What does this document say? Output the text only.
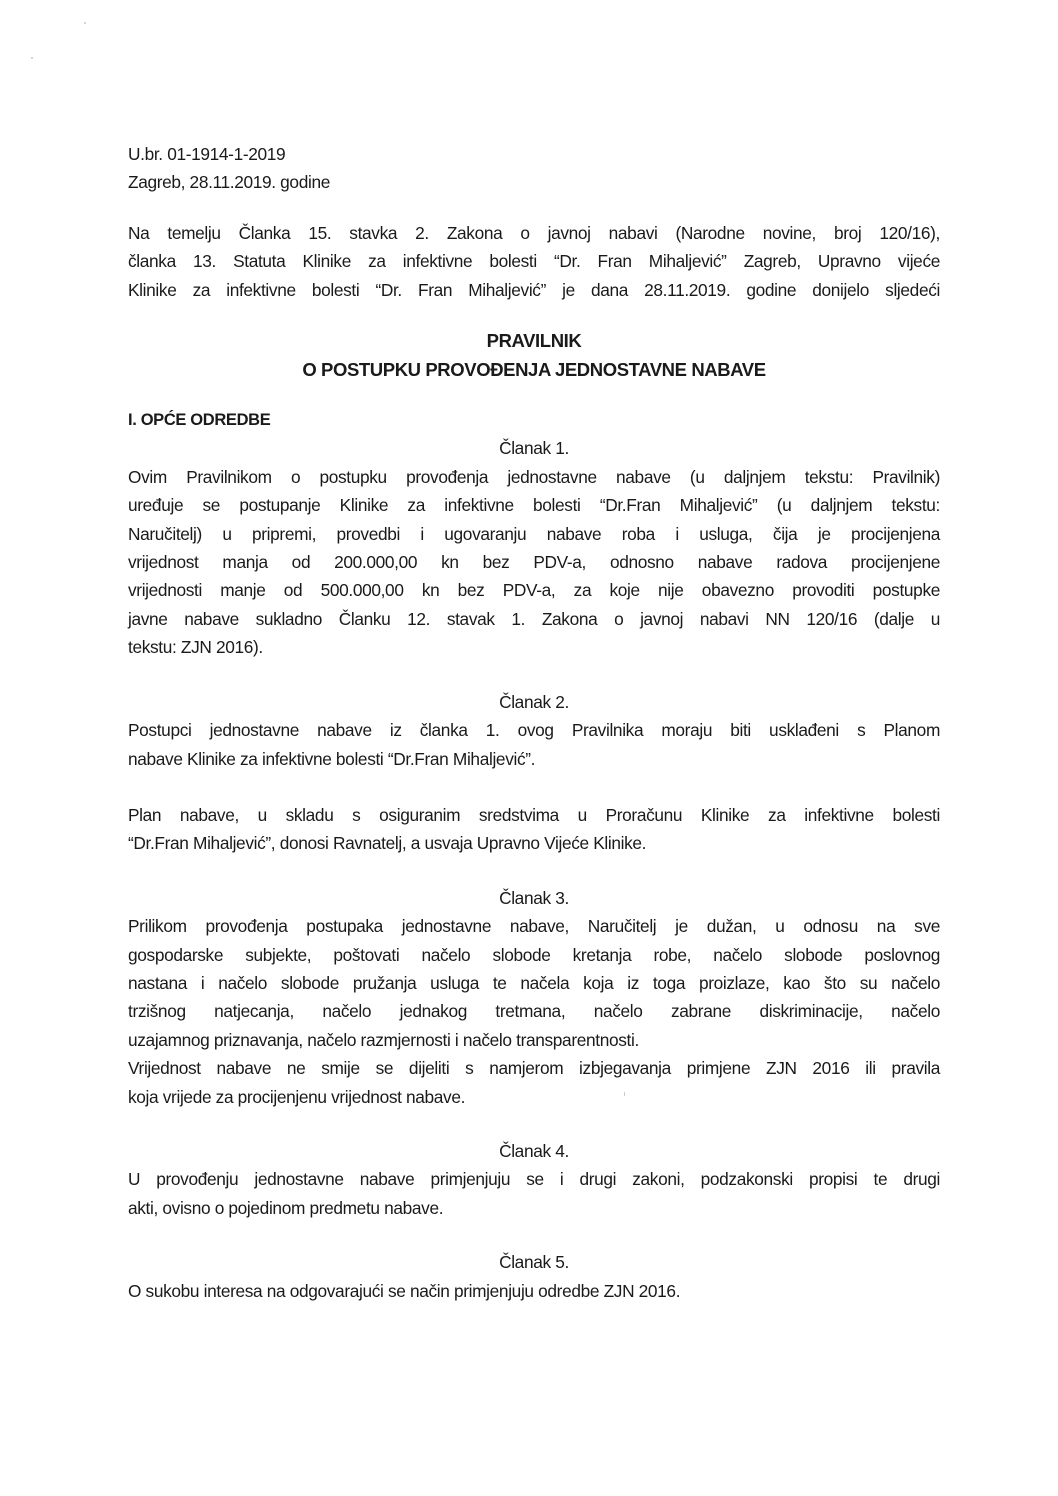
U.br. 01-1914-1-2019
Zagreb, 28.11.2019. godine
Na temelju Članka 15. stavka 2. Zakona o javnoj nabavi (Narodne novine, broj 120/16),
članka 13. Statuta Klinike za infektivne bolesti “Dr. Fran Mihaljević” Zagreb, Upravno vijeće
Klinike za infektivne bolesti “Dr. Fran Mihaljević” je dana 28.11.2019. godine donijelo sljedeći
PRAVILNIK
O POSTUPKU PROVOĐENJA JEDNOSTAVNE NABAVE
I. OPĆE ODREDBE
Članak 1.
Ovim Pravilnikom o postupku provođenja jednostavne nabave (u daljnjem tekstu: Pravilnik)
uređuje se postupanje Klinike za infektivne bolesti “Dr.Fran Mihaljević” (u daljnjem tekstu:
Naručitelj) u pripremi, provedbi i ugovaranju nabave roba i usluga, čija je procijenjena
vrijednost manja od 200.000,00 kn bez PDV-a, odnosno nabave radova procijenjene
vrijednosti manje od 500.000,00 kn bez PDV-a, za koje nije obavezno provoditi postupke
javne nabave sukladno Članku 12. stavak 1. Zakona o javnoj nabavi NN 120/16 (dalje u
tekstu: ZJN 2016).
Članak 2.
Postupci jednostavne nabave iz članka 1. ovog Pravilnika moraju biti usklađeni s Planom
nabave Klinike za infektivne bolesti “Dr.Fran Mihaljević”.
Plan nabave, u skladu s osiguranim sredstvima u Proračunu Klinike za infektivne bolesti
“Dr.Fran Mihaljević”, donosi Ravnatelj, a usvaja Upravno Vijeće Klinike.
Članak 3.
Prilikom provođenja postupaka jednostavne nabave, Naručitelj je dužan, u odnosu na sve
gospodarske subjekte, poštovati načelo slobode kretanja robe, načelo slobode poslovnog
nastana i načelo slobode pružanja usluga te načela koja iz toga proizlaze, kao što su načelo
trzišnog natjecanja, načelo jednakog tretmana, načelo zabrane diskriminacije, načelo
uzajamnog priznavanja, načelo razmjernosti i načelo transparentnosti.
Vrijednost nabave ne smije se dijeliti s namjerom izbjegavanja primjene ZJN 2016 ili pravila
koja vrijede za procijenjenu vrijednost nabave.
Članak 4.
U provođenju jednostavne nabave primjenjuju se i drugi zakoni, podzakonski propisi te drugi
akti, ovisno o pojedinom predmetu nabave.
Članak 5.
O sukobu interesa na odgovarajući se način primjenjuju odredbe ZJN 2016.
